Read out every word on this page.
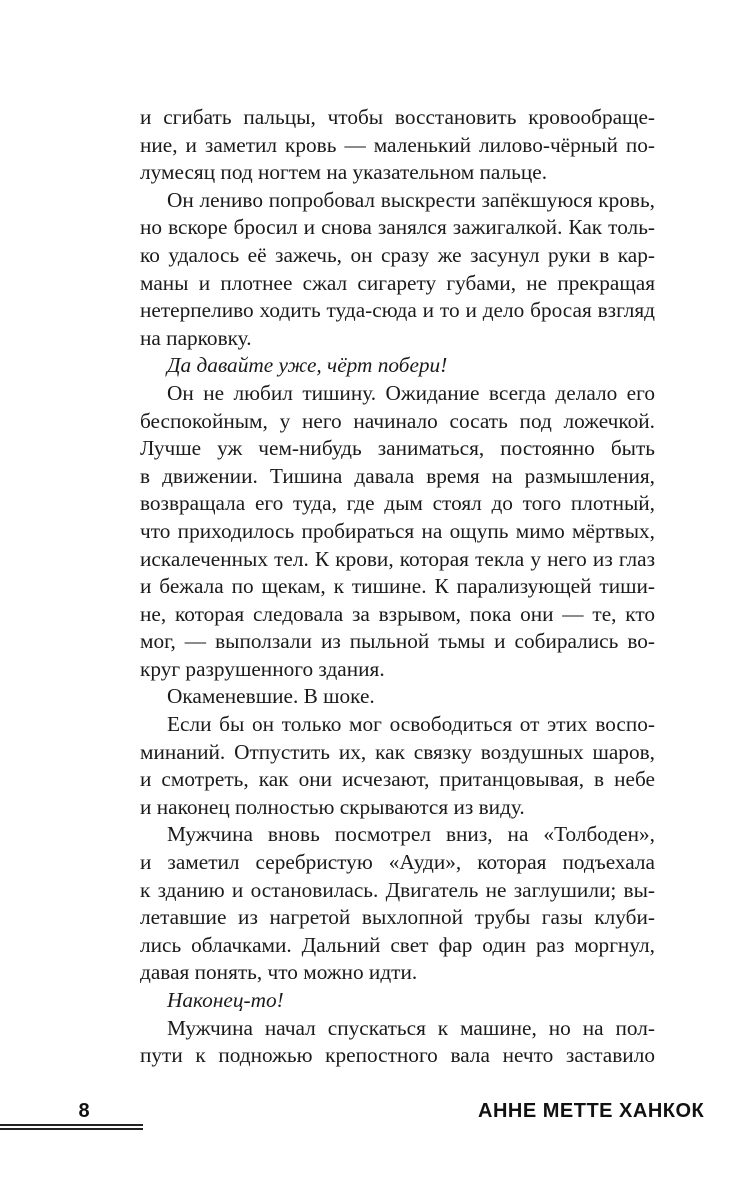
и сгибать пальцы, чтобы восстановить кровообраще-
ние, и заметил кровь — маленький лилово-чёрный по-
лумесяц под ногтем на указательном пальце.
Он лениво попробовал выскрести запёкшуюся кровь,
но вскоре бросил и снова занялся зажигалкой. Как толь-
ко удалось её зажечь, он сразу же засунул руки в кар-
маны и плотнее сжал сигарету губами, не прекращая
нетерпеливо ходить туда-сюда и то и дело бросая взгляд
на парковку.
Да давайте уже, чёрт побери!
Он не любил тишину. Ожидание всегда делало его
беспокойным, у него начинало сосать под ложечкой.
Лучше уж чем-нибудь заниматься, постоянно быть
в движении. Тишина давала время на размышления,
возвращала его туда, где дым стоял до того плотный,
что приходилось пробираться на ощупь мимо мёртвых,
искалеченных тел. К крови, которая текла у него из глаз
и бежала по щекам, к тишине. К парализующей тиши-
не, которая следовала за взрывом, пока они — те, кто
мог, — выползали из пыльной тьмы и собирались во-
круг разрушенного здания.
Окаменевшие. В шоке.
Если бы он только мог освободиться от этих воспо-
минаний. Отпустить их, как связку воздушных шаров,
и смотреть, как они исчезают, пританцовывая, в небе
и наконец полностью скрываются из виду.
Мужчина вновь посмотрел вниз, на «Толбоден»,
и заметил серебристую «Ауди», которая подъехала
к зданию и остановилась. Двигатель не заглушили; вы-
летавшие из нагретой выхлопной трубы газы клуби-
лись облачками. Дальний свет фар один раз моргнул,
давая понять, что можно идти.
Наконец-то!
Мужчина начал спускаться к машине, но на пол-
пути к подножью крепостного вала нечто заставило
8	АННЕ МЕТТЕ ХАНКОК
